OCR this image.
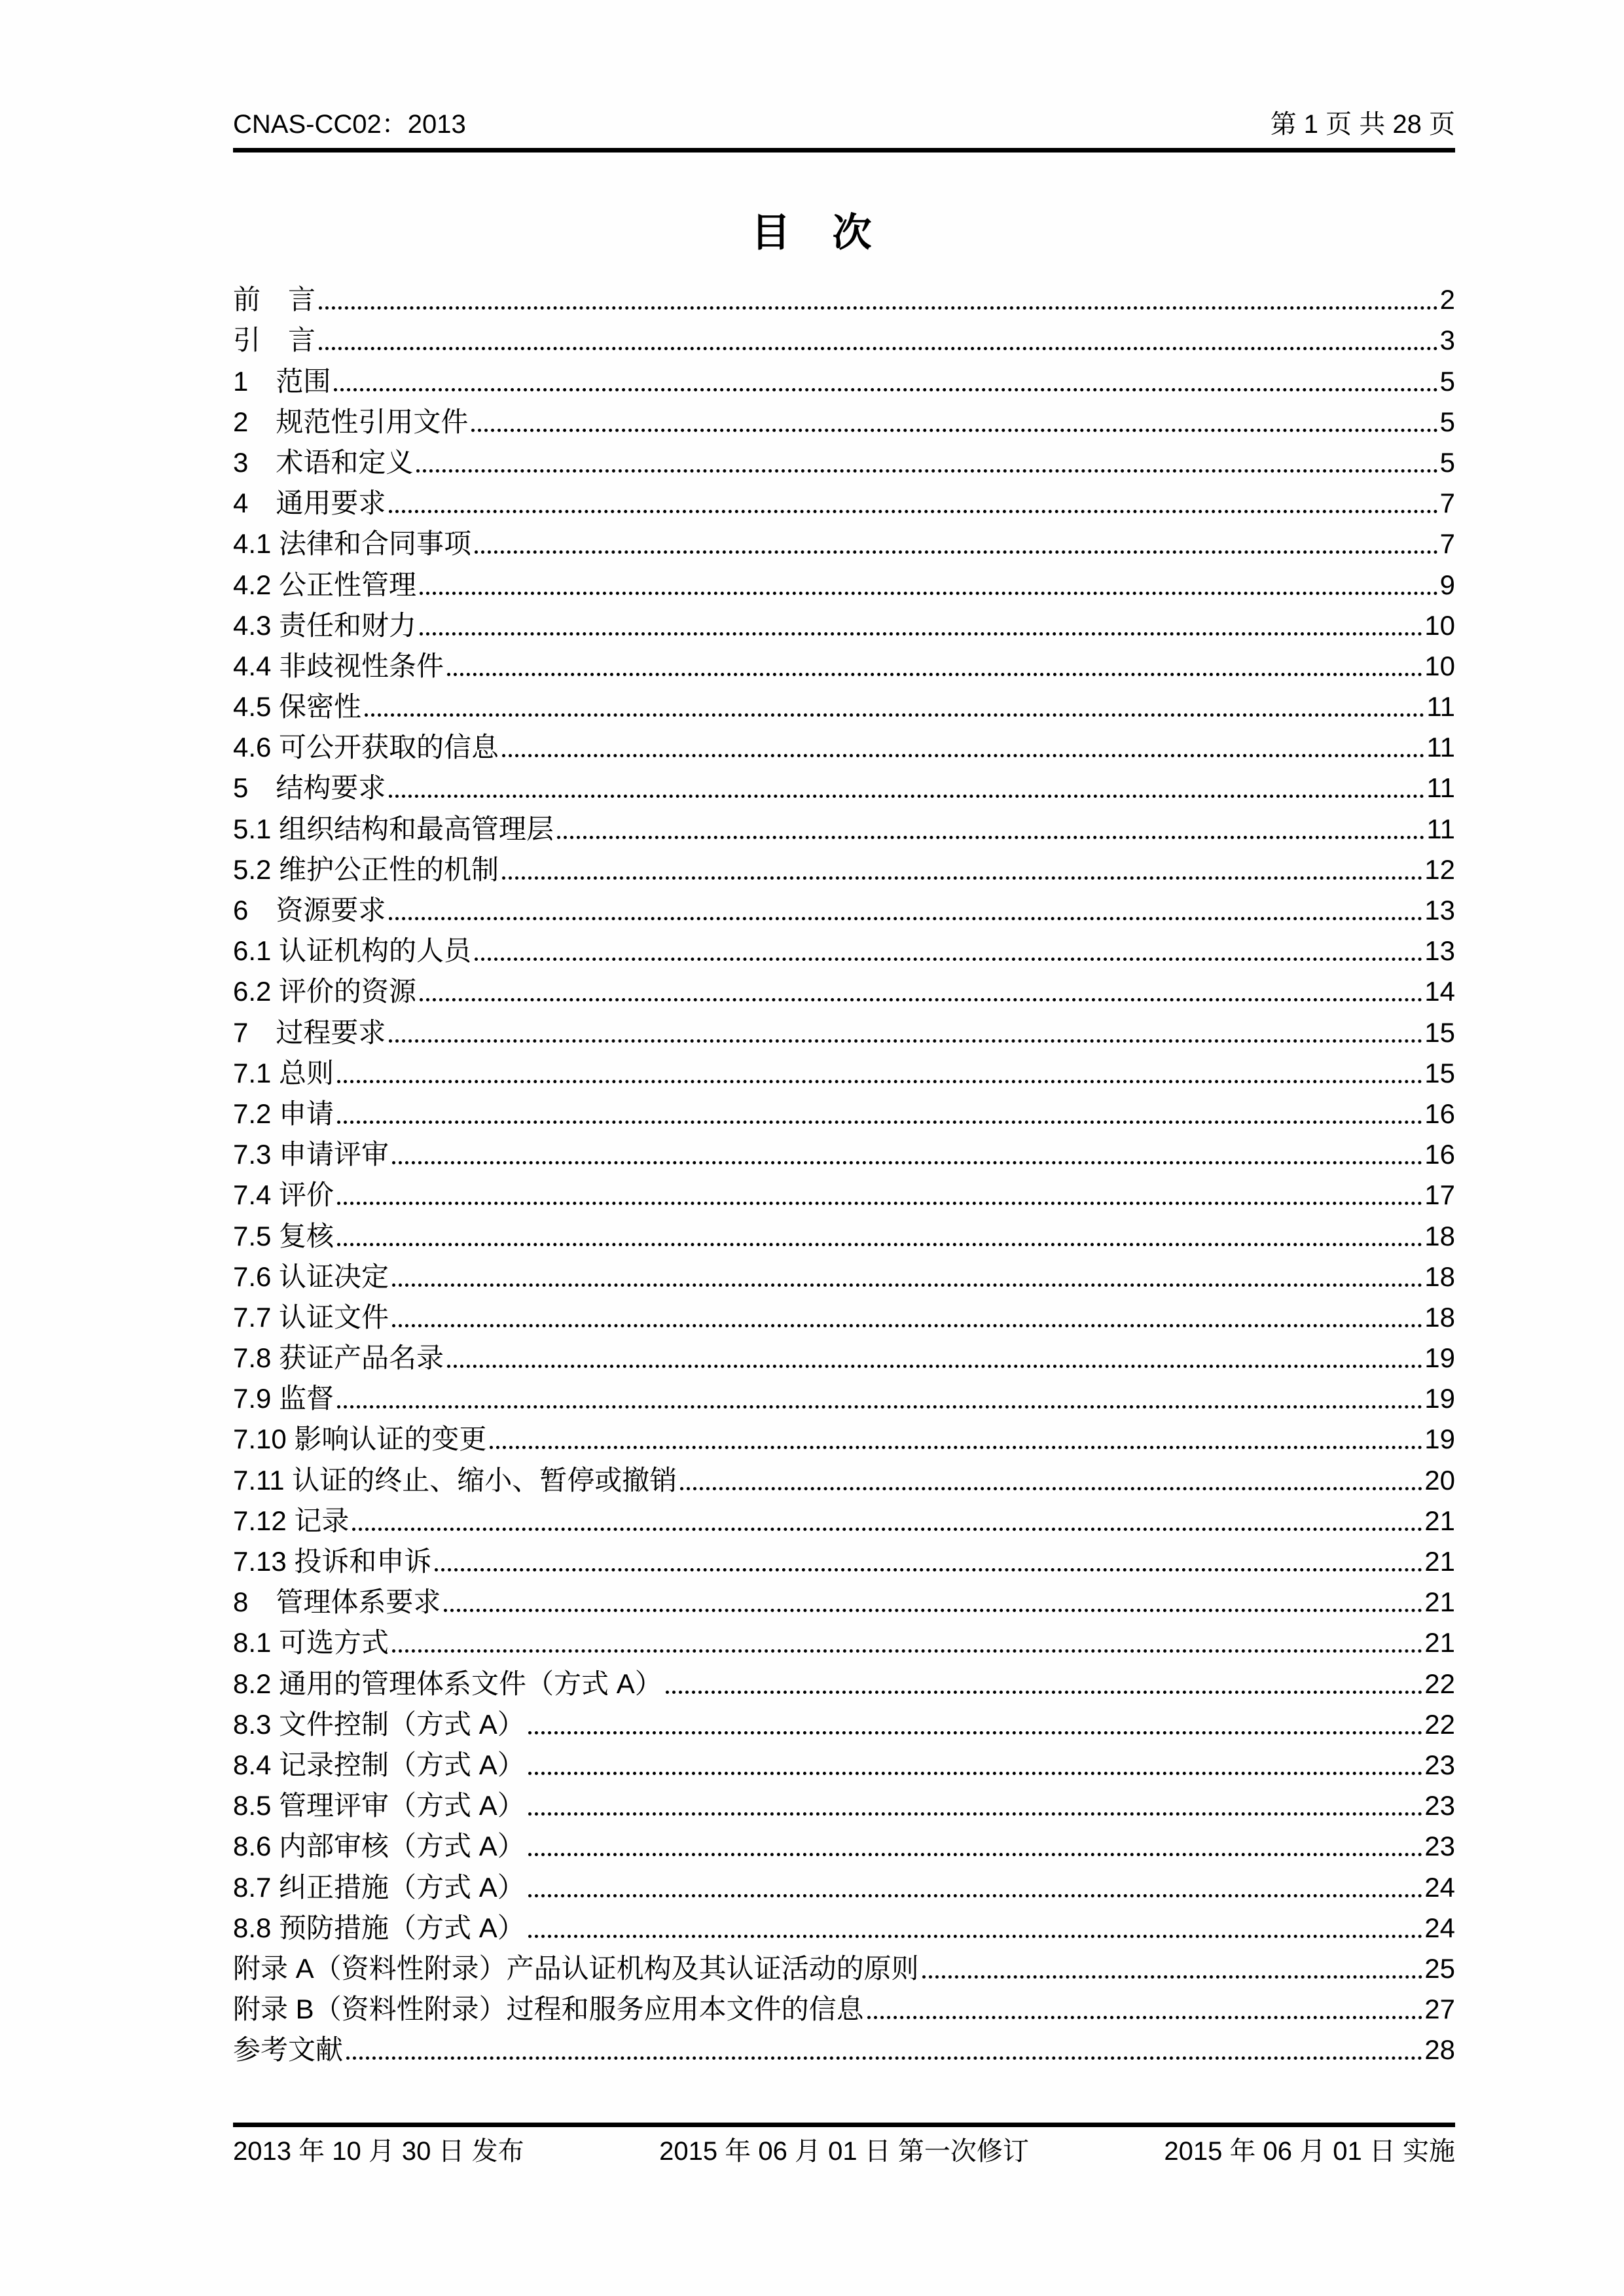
CNAS-CC02：2013	第 1 页 共 28 页
目　次
前　言	2
引　言	3
1　范围	5
2　规范性引用文件	5
3　术语和定义	5
4　通用要求	7
4.1 法律和合同事项	7
4.2 公正性管理	9
4.3 责任和财力	10
4.4 非歧视性条件	10
4.5 保密性	11
4.6 可公开获取的信息	11
5　结构要求	11
5.1 组织结构和最高管理层	11
5.2 维护公正性的机制	12
6　资源要求	13
6.1 认证机构的人员	13
6.2 评价的资源	14
7　过程要求	15
7.1 总则	15
7.2 申请	16
7.3 申请评审	16
7.4 评价	17
7.5 复核	18
7.6 认证决定	18
7.7 认证文件	18
7.8 获证产品名录	19
7.9 监督	19
7.10 影响认证的变更	19
7.11 认证的终止、缩小、暂停或撤销	20
7.12 记录	21
7.13 投诉和申诉	21
8　管理体系要求	21
8.1 可选方式	21
8.2 通用的管理体系文件（方式 A）	22
8.3 文件控制（方式 A）	22
8.4 记录控制（方式 A）	23
8.5 管理评审（方式 A）	23
8.6 内部审核（方式 A）	23
8.7 纠正措施（方式 A）	24
8.8 预防措施（方式 A）	24
附录 A（资料性附录）产品认证机构及其认证活动的原则	25
附录 B（资料性附录）过程和服务应用本文件的信息	27
参考文献	28
2013 年 10 月 30 日 发布	2015 年 06 月 01 日 第一次修订	2015 年 06 月 01 日 实施
